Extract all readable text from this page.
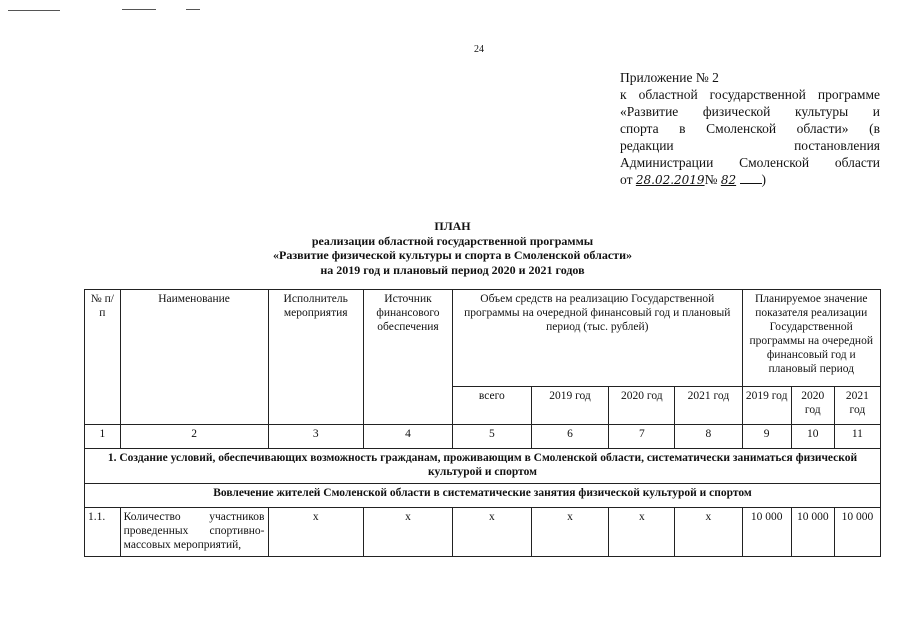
24
Приложение № 2
к областной государственной программе
«Развитие физической культуры и
спорта в Смоленской области» (в
редакции постановления
Администрации Смоленской области
от 28.02.2019№ 82 )
ПЛАН
реализации областной государственной программы
«Развитие физической культуры и спорта в Смоленской области»
на 2019 год и плановый период 2020 и 2021 годов
№ п/п	Наименование	Исполнитель мероприятия	Источник финансового обеспечения	Объем средств на реализацию Государственной программы на очередной финансовый год и плановый период (тыс. рублей)				Планируемое значение показателя реализации Государственной программы на очередной финансовый год и плановый период		
				всего	2019 год	2020 год	2021 год	2019 год	2020 год	2021 год
1	2	3	4	5	6	7	8	9	10	11
1. Создание условий, обеспечивающих возможность гражданам, проживающим в Смоленской области, систематически заниматься физической культурой и спортом										
Вовлечение жителей Смоленской области в систематические занятия физической культурой и спортом										
1.1.	Количество участников проведенных спортивно-массовых мероприятий,	х	х	х	х	х	х	10 000	10 000	10 000
